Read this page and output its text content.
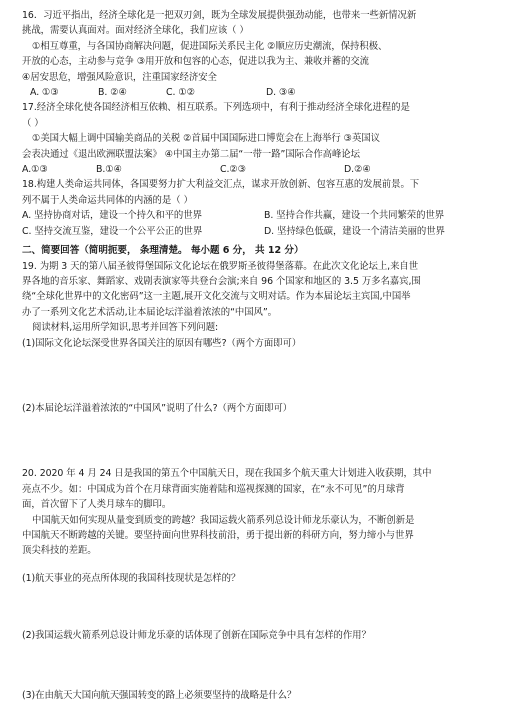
16．习近平指出，经济全球化是一把双刃剑，既为全球发展提供强劲动能，也带来一些新情况新
挑战，需要认真面对。面对经济全球化，我们应该（ ）
①相互尊重，与各国协商解决问题，促进国际关系民主化 ②顺应历史潮流，保持积极、
开放的心态，主动参与竞争 ③用开放和包容的心态，促进以我为主、兼收并蓄的交流
④居安思危，增强风险意识，注重国家经济安全
A. ①③	B. ②④	C. ①②	D. ③④
17.经济全球化使各国经济相互依赖、相互联系。下列选项中，有利于推动经济全球化进程的是
（ ）
①美国大幅上调中国输美商品的关税 ②首届中国国际进口博览会在上海举行 ③英国议
会表决通过《退出欧洲联盟法案》 ④中国主办第二届“一带一路”国际合作高峰论坛
A.①③	B.①④	C.②③	D.②④
18.构建人类命运共同体，各国要努力扩大利益交汇点，谋求开放创新、包容互惠的发展前景。下
列不属于人类命运共同体的内涵的是（ ）
A. 坚持协商对话，建设一个持久和平的世界	B. 坚持合作共赢，建设一个共同繁荣的世界
C. 坚持交流互鉴，建设一个公平公正的世界	D. 坚持绿色低碳，建设一个清洁美丽的世界
二、简要回答（简明扼要， 条理清楚。 每小题 6 分， 共 12 分）
19. 为期 3 天的第八届圣彼得堡国际文化论坛在俄罗斯圣彼得堡落幕。在此次文化论坛上,来自世
界各地的音乐家、舞蹈家、戏剧表演家等共登台会演;来自 96 个国家和地区的 3.5 万多名嘉宾,围
绕“全球化世界中的文化密码”这一主题,展开文化交流与文明对话。作为本届论坛主宾国,中国举
办了一系列文化艺术活动,让本届论坛洋溢着浓浓的“中国风”。
阅读材料,运用所学知识,思考并回答下列问题:
(1)国际文化论坛深受世界各国关注的原因有哪些?（两个方面即可）
(2)本届论坛洋溢着浓浓的“中国风”说明了什么?（两个方面即可）
20. 2020 年 4 月 24 日是我国的第五个中国航天日，现在我国多个航天重大计划进入收获期，其中
亮点不少。如：中国成为首个在月球背面实施着陆和巡视探测的国家，在“永不可见”的月球背
面，首次留下了人类月球车的脚印。
中国航天如何实现从量变到质变的跨越？我国运载火箭系列总设计师龙乐豪认为，不断创新是
中国航天不断跨越的关键。要坚持面向世界科技前沿，勇于提出新的科研方向，努力缔小与世界
顶尖科技的差距。
(1)航天事业的亮点所体现的我国科技现状是怎样的？
(2)我国运载火箭系列总设计师龙乐豪的话体现了创新在国际竞争中具有怎样的作用？
(3)在由航天大国向航天强国转变的路上必须要坚持的战略是什么？
